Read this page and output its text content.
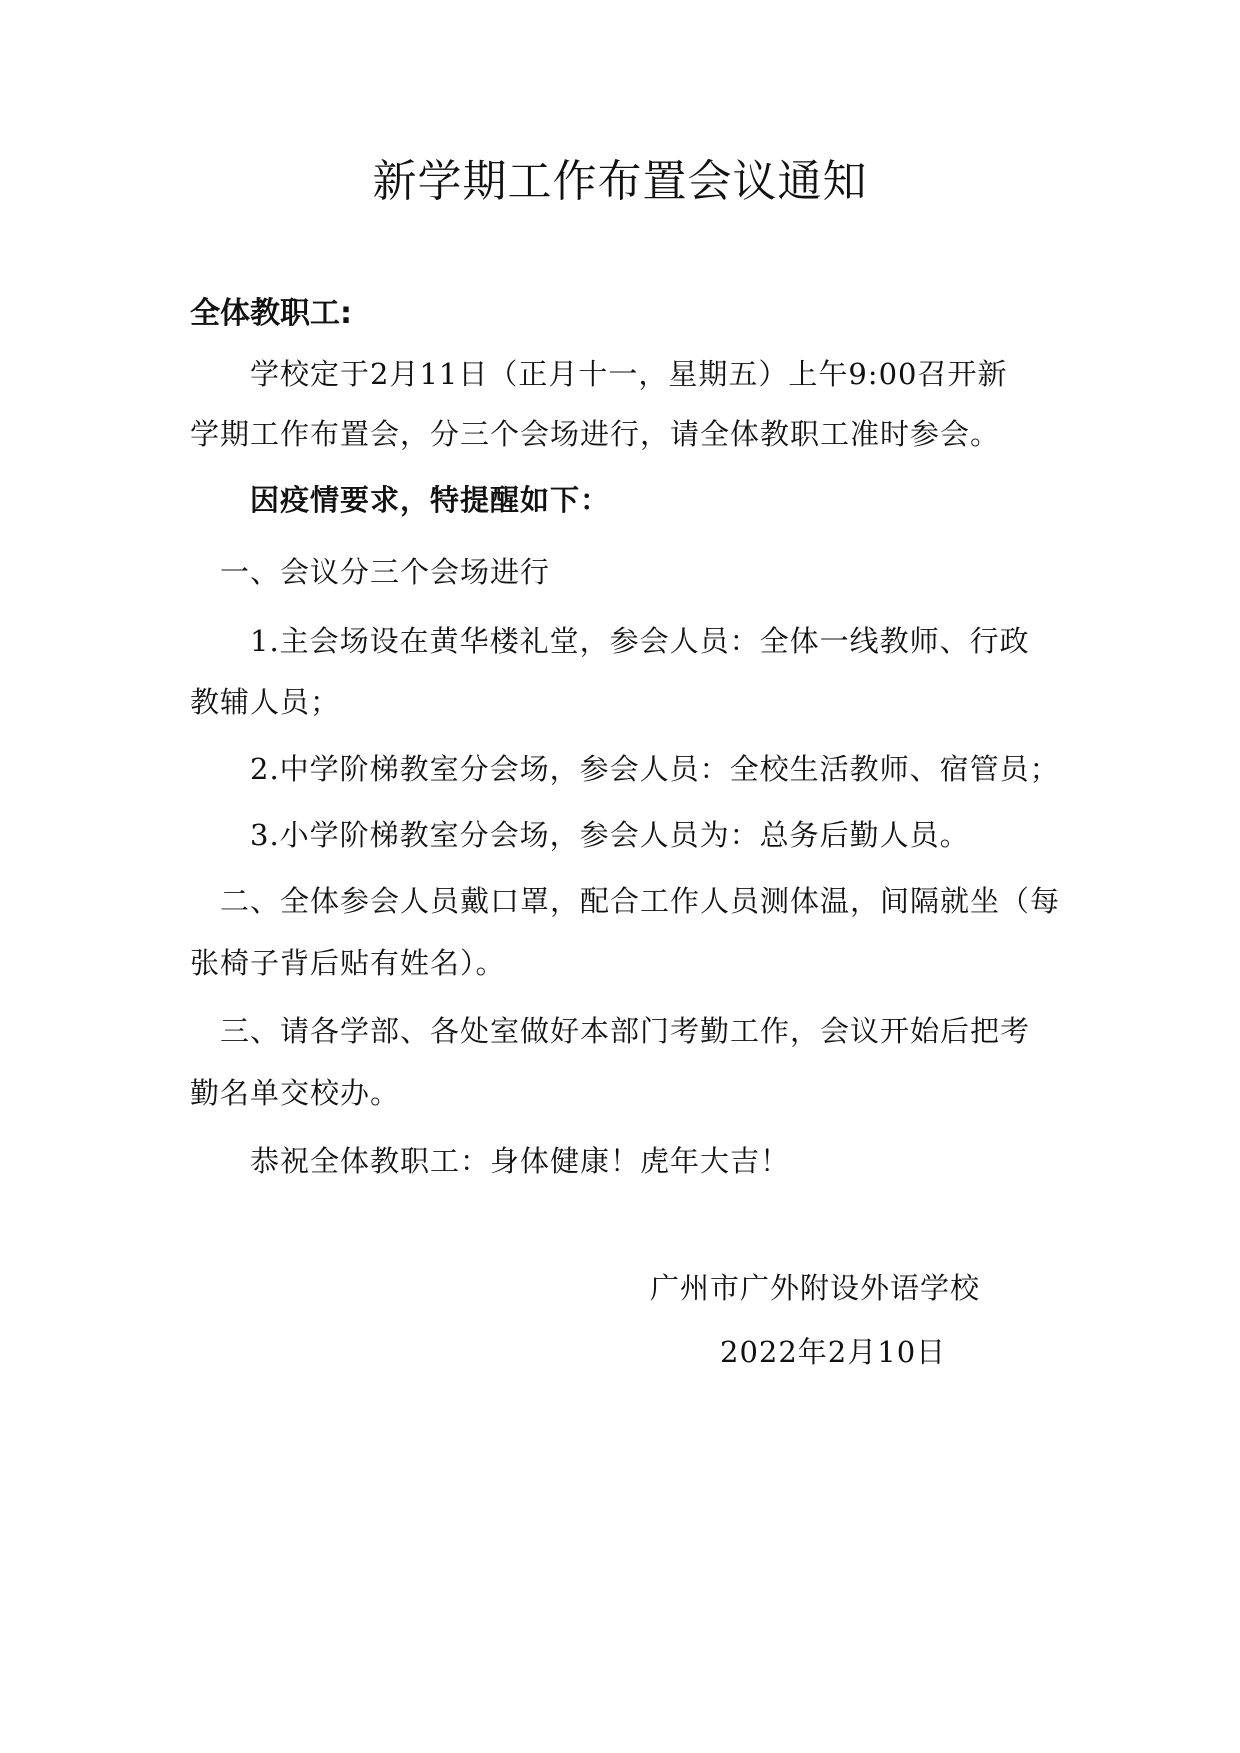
新学期工作布置会议通知
全体教职工:
学校定于2月11日（正月十一，星期五）上午9:00召开新
学期工作布置会，分三个会场进行，请全体教职工准时参会。
因疫情要求，特提醒如下：
一、会议分三个会场进行
1.主会场设在黄华楼礼堂，参会人员：全体一线教师、行政
教辅人员；
2.中学阶梯教室分会场，参会人员：全校生活教师、宿管员；
3.小学阶梯教室分会场，参会人员为：总务后勤人员。
二、全体参会人员戴口罩，配合工作人员测体温，间隔就坐（每
张椅子背后贴有姓名）。
三、请各学部、各处室做好本部门考勤工作，会议开始后把考
勤名单交校办。
恭祝全体教职工：身体健康！虎年大吉！
广州市广外附设外语学校
2022年2月10日
